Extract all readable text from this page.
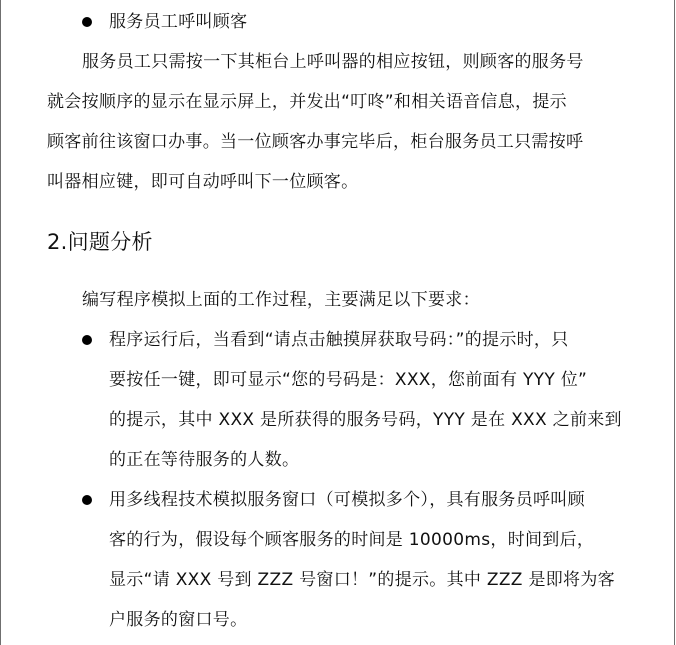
服务员工呼叫顾客
服务员工只需按一下其柜台上呼叫器的相应按钮，则顾客的服务号
就会按顺序的显示在显示屏上，并发出“叮咚”和相关语音信息，提示
顾客前往该窗口办事。当一位顾客办事完毕后，柜台服务员工只需按呼
叫器相应键，即可自动呼叫下一位顾客。
2.问题分析
编写程序模拟上面的工作过程，主要满足以下要求：
程序运行后，当看到“请点击触摸屏获取号码：”的提示时，只
要按任一键，即可显示“您的号码是：XXX，您前面有 YYY 位”
的提示，其中 XXX 是所获得的服务号码，YYY 是在 XXX 之前来到
的正在等待服务的人数。
用多线程技术模拟服务窗口（可模拟多个），具有服务员呼叫顾
客的行为，假设每个顾客服务的时间是 10000ms，时间到后，
显示“请 XXX 号到 ZZZ 号窗口！”的提示。其中 ZZZ 是即将为客
户服务的窗口号。
